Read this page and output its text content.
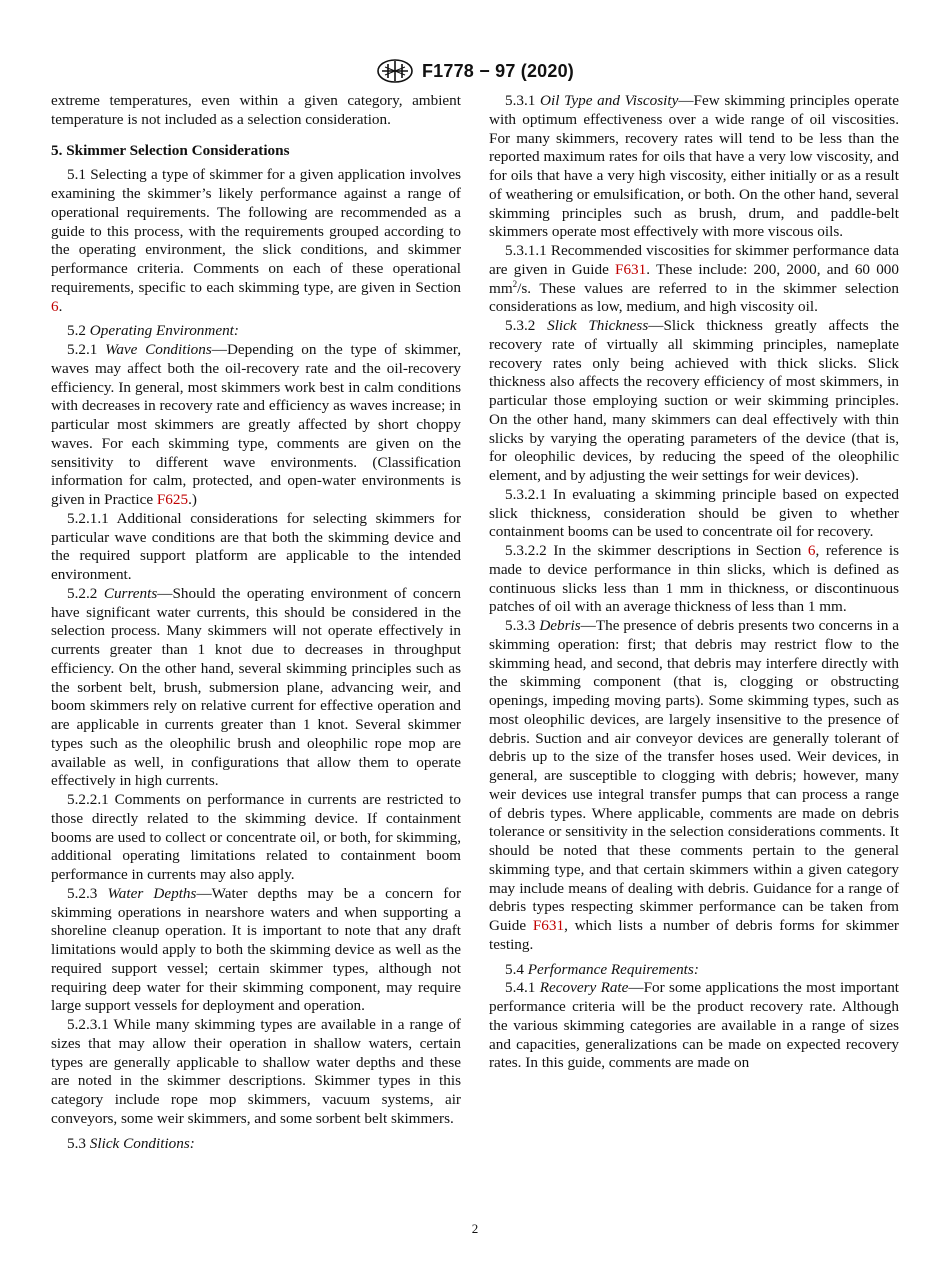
F1778 − 97 (2020)

extreme temperatures, even within a given category, ambient temperature is not included as a selection consideration.

5. Skimmer Selection Considerations

5.1 Selecting a type of skimmer for a given application involves examining the skimmer’s likely performance against a range of operational requirements. The following are recommended as a guide to this process, with the requirements grouped according to the operating environment, the slick conditions, and skimmer performance criteria. Comments on each of these operational requirements, specific to each skimming type, are given in Section 6.

5.2 Operating Environment:

5.2.1 Wave Conditions—Depending on the type of skimmer, waves may affect both the oil-recovery rate and the oil-recovery efficiency. In general, most skimmers work best in calm conditions with decreases in recovery rate and efficiency as waves increase; in particular most skimmers are greatly affected by short choppy waves. For each skimming type, comments are given on the sensitivity to different wave environments. (Classification information for calm, protected, and open-water environments is given in Practice F625.)

5.2.1.1 Additional considerations for selecting skimmers for particular wave conditions are that both the skimming device and the required support platform are applicable to the intended environment.

5.2.2 Currents—Should the operating environment of concern have significant water currents, this should be considered in the selection process. Many skimmers will not operate effectively in currents greater than 1 knot due to decreases in throughput efficiency. On the other hand, several skimming principles such as the sorbent belt, brush, submersion plane, advancing weir, and boom skimmers rely on relative current for effective operation and are applicable in currents greater than 1 knot. Several skimmer types such as the oleophilic brush and oleophilic rope mop are available as well, in configurations that allow them to operate effectively in high currents.

5.2.2.1 Comments on performance in currents are restricted to those directly related to the skimming device. If containment booms are used to collect or concentrate oil, or both, for skimming, additional operating limitations related to containment boom performance in currents may also apply.

5.2.3 Water Depths—Water depths may be a concern for skimming operations in nearshore waters and when supporting a shoreline cleanup operation. It is important to note that any draft limitations would apply to both the skimming device as well as the required support vessel; certain skimmer types, although not requiring deep water for their skimming component, may require large support vessels for deployment and operation.

5.2.3.1 While many skimming types are available in a range of sizes that may allow their operation in shallow waters, certain types are generally applicable to shallow water depths and these are noted in the skimmer descriptions. Skimmer types in this category include rope mop skimmers, vacuum systems, air conveyors, some weir skimmers, and some sorbent belt skimmers.

5.3 Slick Conditions:

5.3.1 Oil Type and Viscosity—Few skimming principles operate with optimum effectiveness over a wide range of oil viscosities. For many skimmers, recovery rates will tend to be less than the reported maximum rates for oils that have a very low viscosity, and for oils that have a very high viscosity, either initially or as a result of weathering or emulsification, or both. On the other hand, several skimming principles such as brush, drum, and paddle-belt skimmers operate most effectively with more viscous oils.

5.3.1.1 Recommended viscosities for skimmer performance data are given in Guide F631. These include: 200, 2000, and 60 000 $mm^2/s$. These values are referred to in the skimmer selection considerations as low, medium, and high viscosity oil.

5.3.2 Slick Thickness—Slick thickness greatly affects the recovery rate of virtually all skimming principles, nameplate recovery rates only being achieved with thick slicks. Slick thickness also affects the recovery efficiency of most skimmers, in particular those employing suction or weir skimming principles. On the other hand, many skimmers can deal effectively with thin slicks by varying the operating parameters of the device (that is, for oleophilic devices, by reducing the speed of the oleophilic element, and by adjusting the weir settings for weir devices).

5.3.2.1 In evaluating a skimming principle based on expected slick thickness, consideration should be given to whether containment booms can be used to concentrate oil for recovery.

5.3.2.2 In the skimmer descriptions in Section 6, reference is made to device performance in thin slicks, which is defined as continuous slicks less than 1 mm in thickness, or discontinuous patches of oil with an average thickness of less than 1 mm.

5.3.3 Debris—The presence of debris presents two concerns in a skimming operation: first; that debris may restrict flow to the skimming head, and second, that debris may interfere directly with the skimming component (that is, clogging or obstructing openings, impeding moving parts). Some skimming types, such as most oleophilic devices, are largely insensitive to the presence of debris. Suction and air conveyor devices are generally tolerant of debris up to the size of the transfer hoses used. Weir devices, in general, are susceptible to clogging with debris; however, many weir devices use integral transfer pumps that can process a range of debris types. Where applicable, comments are made on debris tolerance or sensitivity in the selection considerations comments. It should be noted that these comments pertain to the general skimming type, and that certain skimmers within a given category may include means of dealing with debris. Guidance for a range of debris types respecting skimmer performance can be taken from Guide F631, which lists a number of debris forms for skimmer testing.

5.4 Performance Requirements:

5.4.1 Recovery Rate—For some applications the most important performance criteria will be the product recovery rate. Although the various skimming categories are available in a range of sizes and capacities, generalizations can be made on expected recovery rates. In this guide, comments are made on

2
